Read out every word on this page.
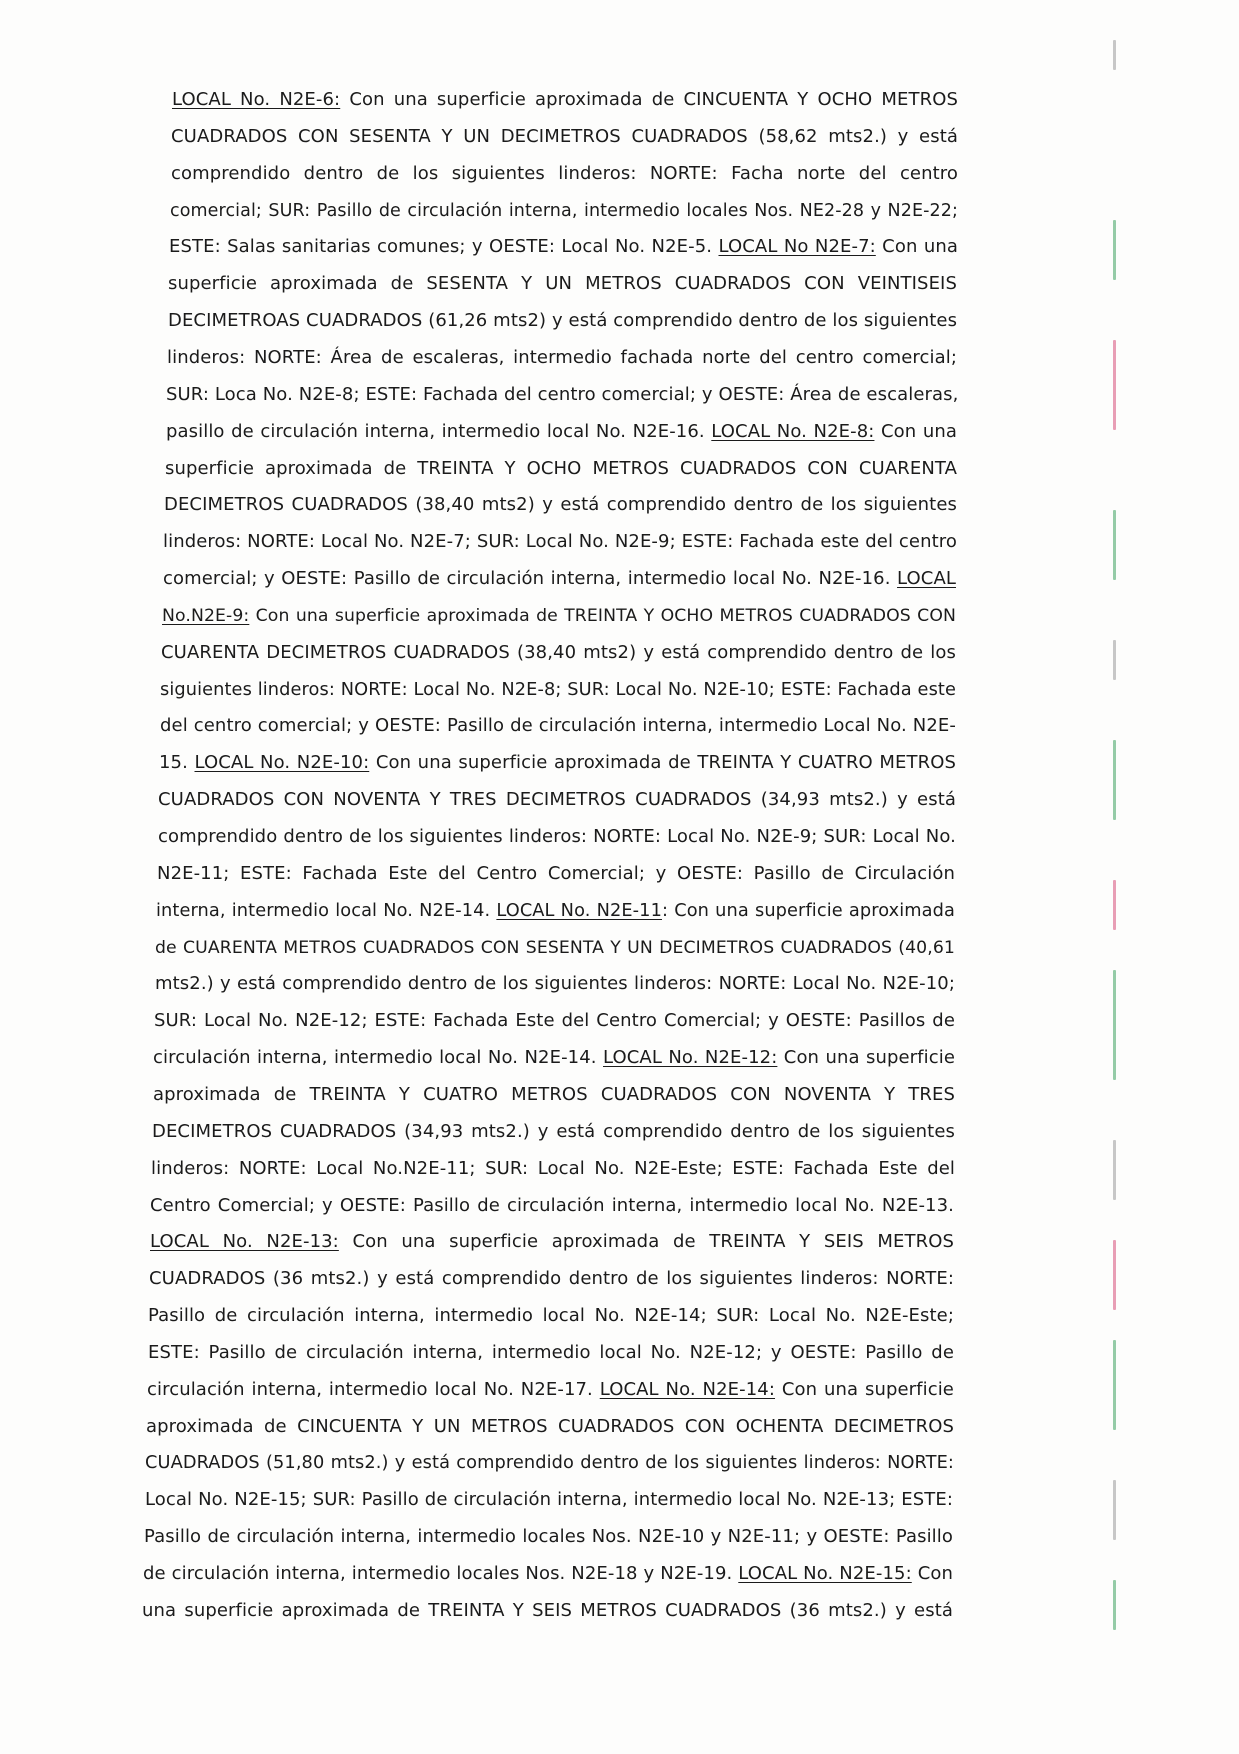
LOCAL No. N2E-6: Con una superficie aproximada de CINCUENTA Y OCHO METROS
CUADRADOS CON SESENTA Y UN DECIMETROS CUADRADOS (58,62 mts2.) y está
comprendido dentro de los siguientes linderos: NORTE: Facha norte del centro
comercial; SUR: Pasillo de circulación interna, intermedio locales Nos. NE2-28 y N2E-22;
ESTE: Salas sanitarias comunes; y OESTE: Local No. N2E-5. LOCAL No N2E-7: Con una
superficie aproximada de SESENTA Y UN METROS CUADRADOS CON VEINTISEIS
DECIMETROAS CUADRADOS (61,26 mts2) y está comprendido dentro de los siguientes
linderos: NORTE: Área de escaleras, intermedio fachada norte del centro comercial;
SUR: Loca No. N2E-8; ESTE: Fachada del centro comercial; y OESTE: Área de escaleras,
pasillo de circulación interna, intermedio local No. N2E-16. LOCAL No. N2E-8: Con una
superficie aproximada de TREINTA Y OCHO METROS CUADRADOS CON CUARENTA
DECIMETROS CUADRADOS (38,40 mts2) y está comprendido dentro de los siguientes
linderos: NORTE: Local No. N2E-7; SUR: Local No. N2E-9; ESTE: Fachada este del centro
comercial; y OESTE: Pasillo de circulación interna, intermedio local No. N2E-16. LOCAL
No.N2E-9: Con una superficie aproximada de TREINTA Y OCHO METROS CUADRADOS CON
CUARENTA DECIMETROS CUADRADOS (38,40 mts2) y está comprendido dentro de los
siguientes linderos: NORTE: Local No. N2E-8; SUR: Local No. N2E-10; ESTE: Fachada este
del centro comercial; y OESTE: Pasillo de circulación interna, intermedio Local No. N2E-
15. LOCAL No. N2E-10: Con una superficie aproximada de TREINTA Y CUATRO METROS
CUADRADOS CON NOVENTA Y TRES DECIMETROS CUADRADOS (34,93 mts2.) y está
comprendido dentro de los siguientes linderos: NORTE: Local No. N2E-9; SUR: Local No.
N2E-11; ESTE: Fachada Este del Centro Comercial; y OESTE: Pasillo de Circulación
interna, intermedio local No. N2E-14. LOCAL No. N2E-11: Con una superficie aproximada
de CUARENTA METROS CUADRADOS CON SESENTA Y UN DECIMETROS CUADRADOS (40,61
mts2.) y está comprendido dentro de los siguientes linderos: NORTE: Local No. N2E-10;
SUR: Local No. N2E-12; ESTE: Fachada Este del Centro Comercial; y OESTE: Pasillos de
circulación interna, intermedio local No. N2E-14. LOCAL No. N2E-12: Con una superficie
aproximada de TREINTA Y CUATRO METROS CUADRADOS CON NOVENTA Y TRES
DECIMETROS CUADRADOS (34,93 mts2.) y está comprendido dentro de los siguientes
linderos: NORTE: Local No.N2E-11; SUR: Local No. N2E-Este; ESTE: Fachada Este del
Centro Comercial; y OESTE: Pasillo de circulación interna, intermedio local No. N2E-13.
LOCAL No. N2E-13: Con una superficie aproximada de TREINTA Y SEIS METROS
CUADRADOS (36 mts2.) y está comprendido dentro de los siguientes linderos: NORTE:
Pasillo de circulación interna, intermedio local No. N2E-14; SUR: Local No. N2E-Este;
ESTE: Pasillo de circulación interna, intermedio local No. N2E-12; y OESTE: Pasillo de
circulación interna, intermedio local No. N2E-17. LOCAL No. N2E-14: Con una superficie
aproximada de CINCUENTA Y UN METROS CUADRADOS CON OCHENTA DECIMETROS
CUADRADOS (51,80 mts2.) y está comprendido dentro de los siguientes linderos: NORTE:
Local No. N2E-15; SUR: Pasillo de circulación interna, intermedio local No. N2E-13; ESTE:
Pasillo de circulación interna, intermedio locales Nos. N2E-10 y N2E-11; y OESTE: Pasillo
de circulación interna, intermedio locales Nos. N2E-18 y N2E-19. LOCAL No. N2E-15: Con
una superficie aproximada de TREINTA Y SEIS METROS CUADRADOS (36 mts2.) y está
